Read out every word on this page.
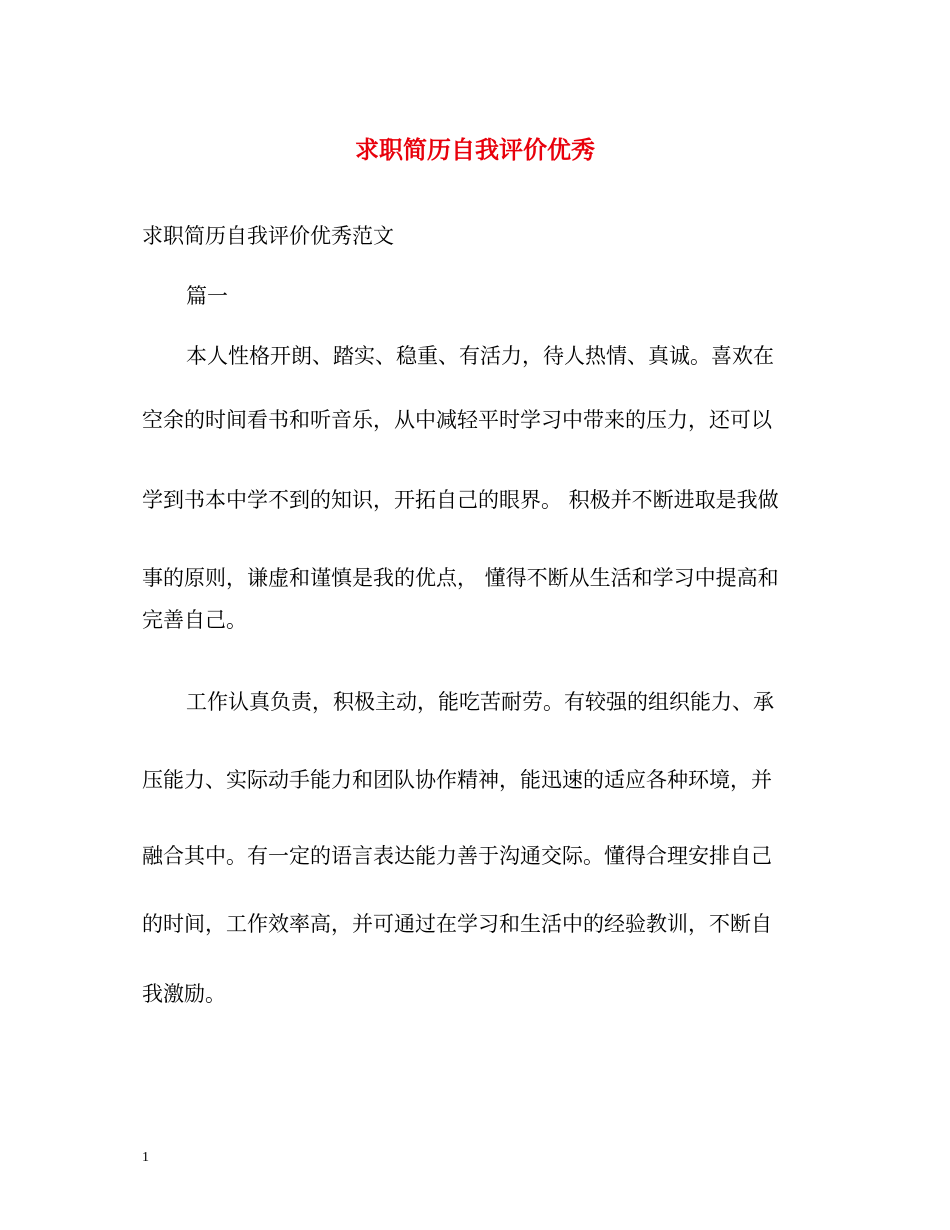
求职简历自我评价优秀

求职简历自我评价优秀范文

篇一

本人性格开朗、踏实、稳重、有活力，待人热情、真诚。喜欢在

空余的时间看书和听音乐，从中减轻平时学习中带来的压力，还可以

学到书本中学不到的知识，开拓自己的眼界。 积极并不断进取是我做

事的原则，谦虚和谨慎是我的优点， 懂得不断从生活和学习中提高和

完善自己。

工作认真负责，积极主动，能吃苦耐劳。有较强的组织能力、承

压能力、实际动手能力和团队协作精神，能迅速的适应各种环境，并

融合其中。有一定的语言表达能力善于沟通交际。懂得合理安排自己

的时间，工作效率高，并可通过在学习和生活中的经验教训，不断自

我激励。

1
